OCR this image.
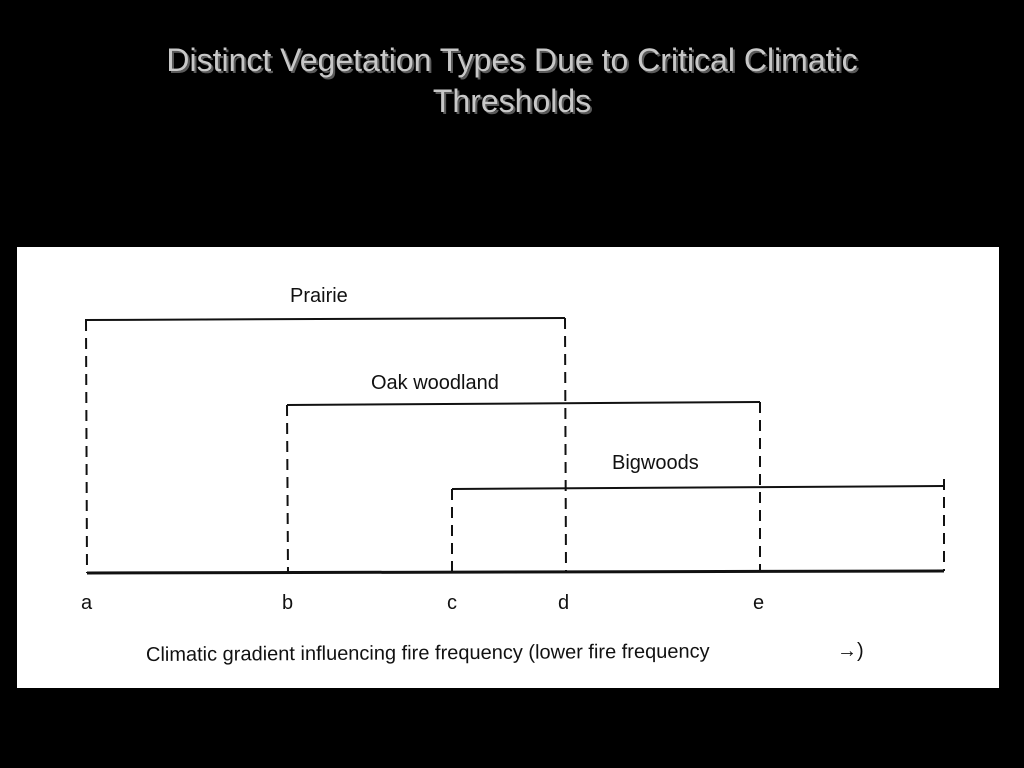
Distinct Vegetation Types Due to Critical Climatic Thresholds
Prairie
Oak woodland
Bigwoods
a	b	c	d	e
Climatic gradient influencing fire frequency (lower fire frequency	→)
